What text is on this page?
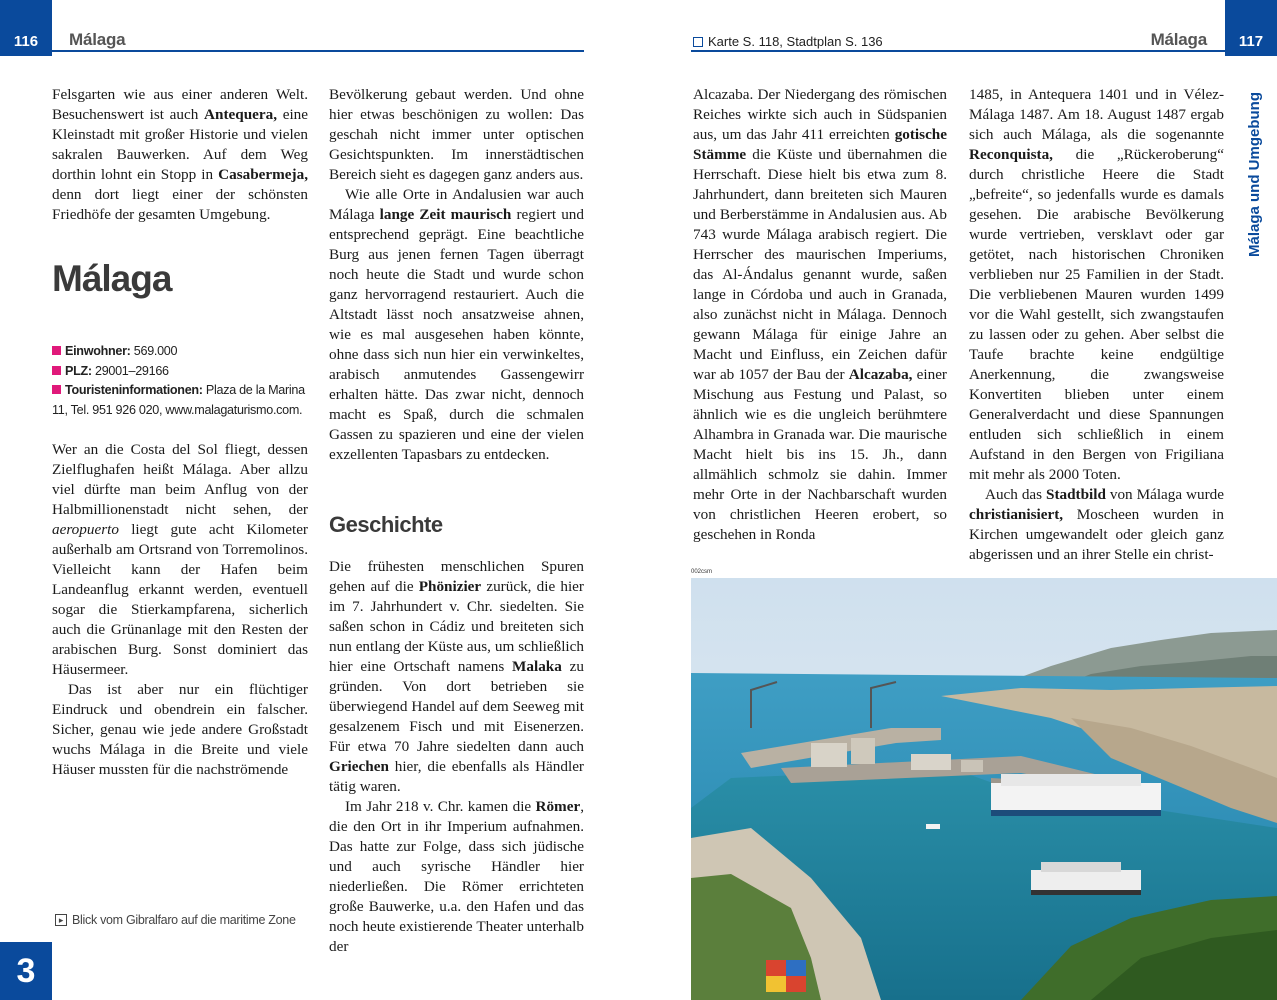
116	Málaga

Felsgarten wie aus einer anderen Welt. Besuchenswert ist auch Antequera, eine Kleinstadt mit großer Historie und vielen sakralen Bauwerken. Auf dem Weg dorthin lohnt ein Stopp in Casabermeja, denn dort liegt einer der schönsten Friedhöfe der gesamten Umgebung.

Málaga
Einwohner: 569.000
PLZ: 29001–29166
Touristeninformationen: Plaza de la Marina 11, Tel. 951 926 020, www.malagaturismo.com.

Wer an die Costa del Sol fliegt, dessen Zielflughafen heißt Málaga. Aber allzu viel dürfte man beim Anflug von der Halbmillionenstadt nicht sehen, der aeropuerto liegt gute acht Kilometer außerhalb am Ortsrand von Torremolinos. Vielleicht kann der Hafen beim Landeanflug erkannt werden, eventuell sogar die Stierkampfarena, sicherlich auch die Grünanlage mit den Resten der arabischen Burg. Sonst dominiert das Häusermeer.

Das ist aber nur ein flüchtiger Eindruck und obendrein ein falscher. Sicher, genau wie jede andere Großstadt wuchs Málaga in die Breite und viele Häuser mussten für die nachströmende

Bevölkerung gebaut werden. Und ohne hier etwas beschönigen zu wollen: Das geschah nicht immer unter optischen Gesichtspunkten. Im innerstädtischen Bereich sieht es dagegen ganz anders aus.

Wie alle Orte in Andalusien war auch Málaga lange Zeit maurisch regiert und entsprechend geprägt. Eine beachtliche Burg aus jenen fernen Tagen überragt noch heute die Stadt und wurde schon ganz hervorragend restauriert. Auch die Altstadt lässt noch ansatzweise ahnen, wie es mal ausgesehen haben könnte, ohne dass sich nun hier ein verwinkeltes, arabisch anmutendes Gassengewirr erhalten hätte. Das zwar nicht, dennoch macht es Spaß, durch die schmalen Gassen zu spazieren und eine der vielen exzellenten Tapasbars zu entdecken.

Geschichte

Die frühesten menschlichen Spuren gehen auf die Phönizier zurück, die hier im 7. Jahrhundert v. Chr. siedelten. Sie saßen schon in Cádiz und breiteten sich nun entlang der Küste aus, um schließlich hier eine Ortschaft namens Malaka zu gründen. Von dort betrieben sie überwiegend Handel auf dem Seeweg mit gesalzenem Fisch und mit Eisenerzen. Für etwa 70 Jahre siedelten dann auch Griechen hier, die ebenfalls als Händler tätig waren.

Im Jahr 218 v. Chr. kamen die Römer, die den Ort in ihr Imperium aufnahmen. Das hatte zur Folge, dass sich jüdische und auch syrische Händler hier niederließen. Die Römer errichteten große Bauwerke, u.a. den Hafen und das noch heute existierende Theater unterhalb der

▸ Blick vom Gibralfaro auf die maritime Zone
3
Karte S. 118, Stadtplan S. 136	Málaga	117
Málaga und Umgebung

Alcazaba. Der Niedergang des römischen Reiches wirkte sich auch in Südspanien aus, um das Jahr 411 erreichten gotische Stämme die Küste und übernahmen die Herrschaft. Diese hielt bis etwa zum 8. Jahrhundert, dann breiteten sich Mauren und Berberstämme in Andalusien aus. Ab 743 wurde Málaga arabisch regiert. Die Herrscher des maurischen Imperiums, das Al-Ándalus genannt wurde, saßen lange in Córdoba und auch in Granada, also zunächst nicht in Málaga. Dennoch gewann Málaga für einige Jahre an Macht und Einfluss, ein Zeichen dafür war ab 1057 der Bau der Alcazaba, einer Mischung aus Festung und Palast, so ähnlich wie es die ungleich berühmtere Alhambra in Granada war. Die maurische Macht hielt bis ins 15. Jh., dann allmählich schmolz sie dahin. Immer mehr Orte in der Nachbarschaft wurden von christlichen Heeren erobert, so geschehen in Ronda

1485, in Antequera 1401 und in Vélez-Málaga 1487. Am 18. August 1487 ergab sich auch Málaga, als die sogenannte Reconquista, die „Rückeroberung“ durch christliche Heere die Stadt „befreite“, so jedenfalls wurde es damals gesehen. Die arabische Bevölkerung wurde vertrieben, versklavt oder gar getötet, nach historischen Chroniken verblieben nur 25 Familien in der Stadt. Die verbliebenen Mauren wurden 1499 vor die Wahl gestellt, sich zwangstaufen zu lassen oder zu gehen. Aber selbst die Taufe brachte keine endgültige Anerkennung, die zwangsweise Konvertiten blieben unter einem Generalverdacht und diese Spannungen entluden sich schließlich in einem Aufstand in den Bergen von Frigiliana mit mehr als 2000 Toten.

Auch das Stadtbild von Málaga wurde christianisiert, Moscheen wurden in Kirchen umgewandelt oder gleich ganz abgerissen und an ihrer Stelle ein christ-

002csm
